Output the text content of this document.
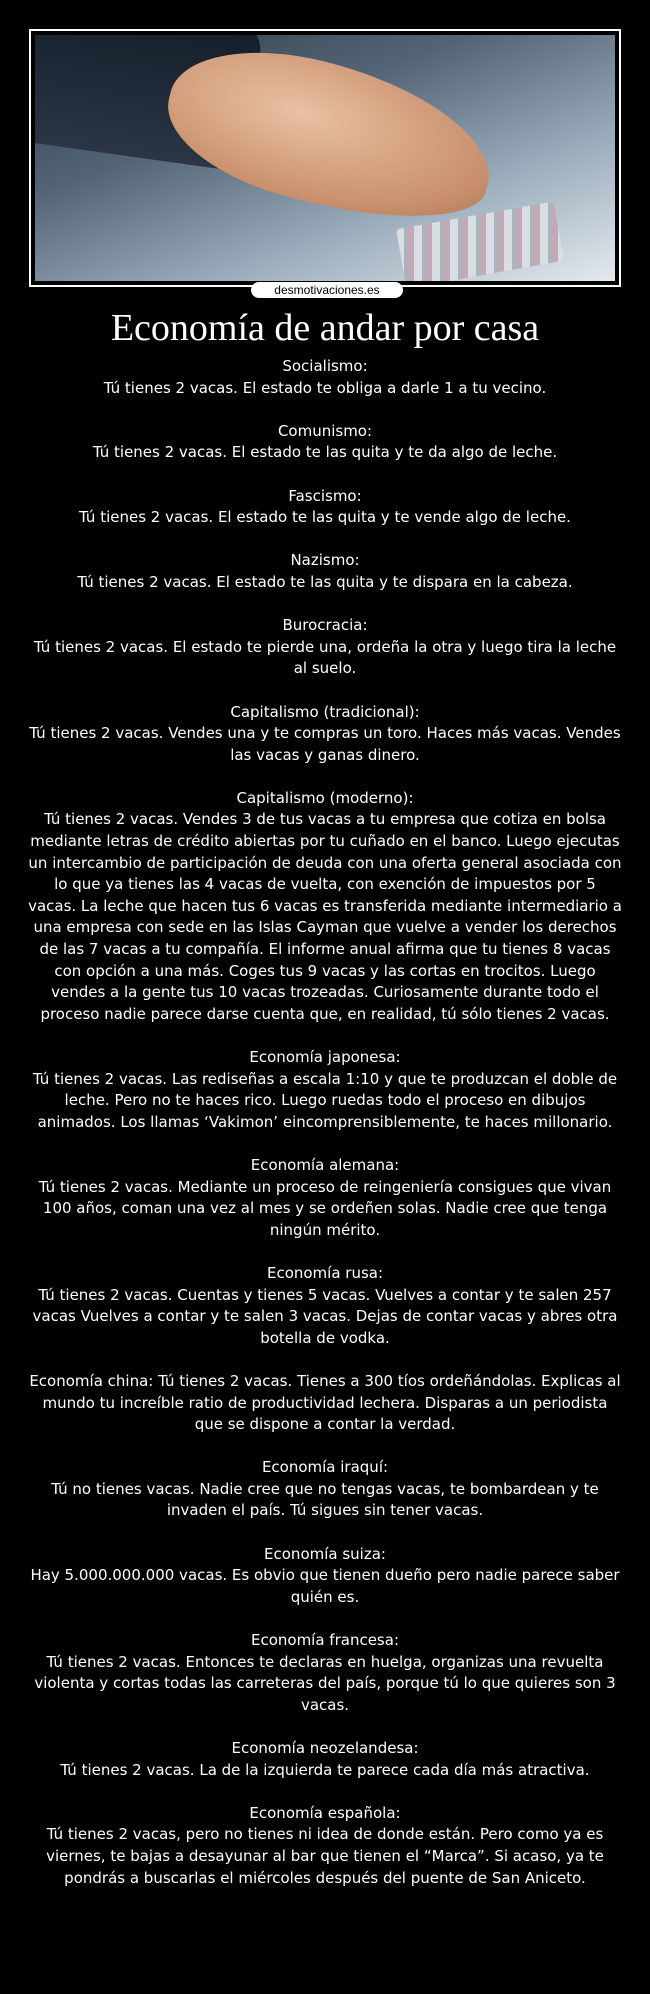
desmotivaciones.es
Economía de andar por casa

Socialismo:

Tú tienes 2 vacas. El estado te obliga a darle 1 a tu vecino.

Comunismo:

Tú tienes 2 vacas. El estado te las quita y te da algo de leche.

Fascismo:

Tú tienes 2 vacas. El estado te las quita y te vende algo de leche.

Nazismo:

Tú tienes 2 vacas. El estado te las quita y te dispara en la cabeza.

Burocracia:

Tú tienes 2 vacas. El estado te pierde una, ordeña la otra y luego tira la leche al suelo.

Capitalismo (tradicional):

Tú tienes 2 vacas. Vendes una y te compras un toro. Haces más vacas. Vendes las vacas y ganas dinero.

Capitalismo (moderno):

Tú tienes 2 vacas. Vendes 3 de tus vacas a tu empresa que cotiza en bolsa mediante letras de crédito abiertas por tu cuñado en el banco. Luego ejecutas un intercambio de participación de deuda con una oferta general asociada con lo que ya tienes las 4 vacas de vuelta, con exención de impuestos por 5 vacas. La leche que hacen tus 6 vacas es transferida mediante intermediario a una empresa con sede en las Islas Cayman que vuelve a vender los derechos de las 7 vacas a tu compañía. El informe anual afirma que tu tienes 8 vacas con opción a una más. Coges tus 9 vacas y las cortas en trocitos. Luego vendes a la gente tus 10 vacas trozeadas. Curiosamente durante todo el proceso nadie parece darse cuenta que, en realidad, tú sólo tienes 2 vacas.

Economía japonesa:

Tú tienes 2 vacas. Las rediseñas a escala 1:10 y que te produzcan el doble de leche. Pero no te haces rico. Luego ruedas todo el proceso en dibujos animados. Los llamas ‘Vakimon’ eincomprensiblemente, te haces millonario.

Economía alemana:

Tú tienes 2 vacas. Mediante un proceso de reingeniería consigues que vivan 100 años, coman una vez al mes y se ordeñen solas. Nadie cree que tenga ningún mérito.

Economía rusa:

Tú tienes 2 vacas. Cuentas y tienes 5 vacas. Vuelves a contar y te salen 257 vacas Vuelves a contar y te salen 3 vacas. Dejas de contar vacas y abres otra botella de vodka.

Economía china: Tú tienes 2 vacas. Tienes a 300 tíos ordeñándolas. Explicas al mundo tu increíble ratio de productividad lechera. Disparas a un periodista que se dispone a contar la verdad.

Economía iraquí:

Tú no tienes vacas. Nadie cree que no tengas vacas, te bombardean y te invaden el país. Tú sigues sin tener vacas.

Economía suiza:

Hay 5.000.000.000 vacas. Es obvio que tienen dueño pero nadie parece saber quién es.

Economía francesa:

Tú tienes 2 vacas. Entonces te declaras en huelga, organizas una revuelta violenta y cortas todas las carreteras del país, porque tú lo que quieres son 3 vacas.

Economía neozelandesa:

Tú tienes 2 vacas. La de la izquierda te parece cada día más atractiva.

Economía española:

Tú tienes 2 vacas, pero no tienes ni idea de donde están. Pero como ya es viernes, te bajas a desayunar al bar que tienen el “Marca”. Si acaso, ya te pondrás a buscarlas el miércoles después del puente de San Aniceto.
